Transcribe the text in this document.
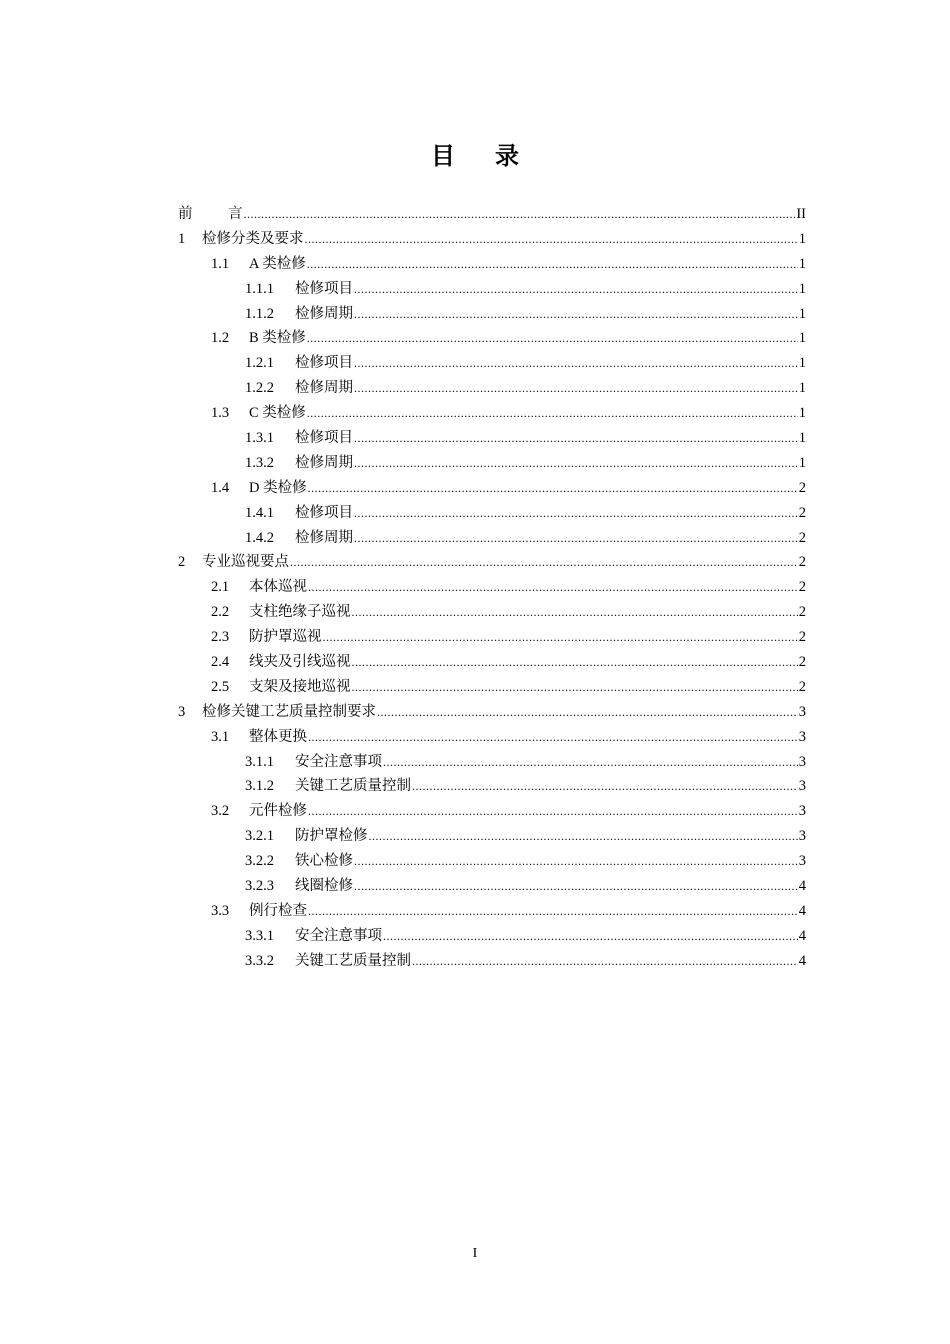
目 录
前	言 .....	II
1	检修分类及要求 .....	1
1.1	A 类检修 .....	1
1.1.1	检修项目 .....	1
1.1.2	检修周期 .....	1
1.2	B 类检修 .....	1
1.2.1	检修项目 .....	1
1.2.2	检修周期 .....	1
1.3	C 类检修 .....	1
1.3.1	检修项目 .....	1
1.3.2	检修周期 .....	1
1.4	D 类检修 .....	2
1.4.1	检修项目 .....	2
1.4.2	检修周期 .....	2
2	专业巡视要点 .....	2
2.1	本体巡视 .....	2
2.2	支柱绝缘子巡视 .....	2
2.3	防护罩巡视 .....	2
2.4	线夹及引线巡视 .....	2
2.5	支架及接地巡视 .....	2
3	检修关键工艺质量控制要求 .....	3
3.1	整体更换 .....	3
3.1.1	安全注意事项 .....	3
3.1.2	关键工艺质量控制 .....	3
3.2	元件检修 .....	3
3.2.1	防护罩检修 .....	3
3.2.2	铁心检修 .....	3
3.2.3	线圈检修 .....	4
3.3	例行检查 .....	4
3.3.1	安全注意事项 .....	4
3.3.2	关键工艺质量控制 .....	4
I
